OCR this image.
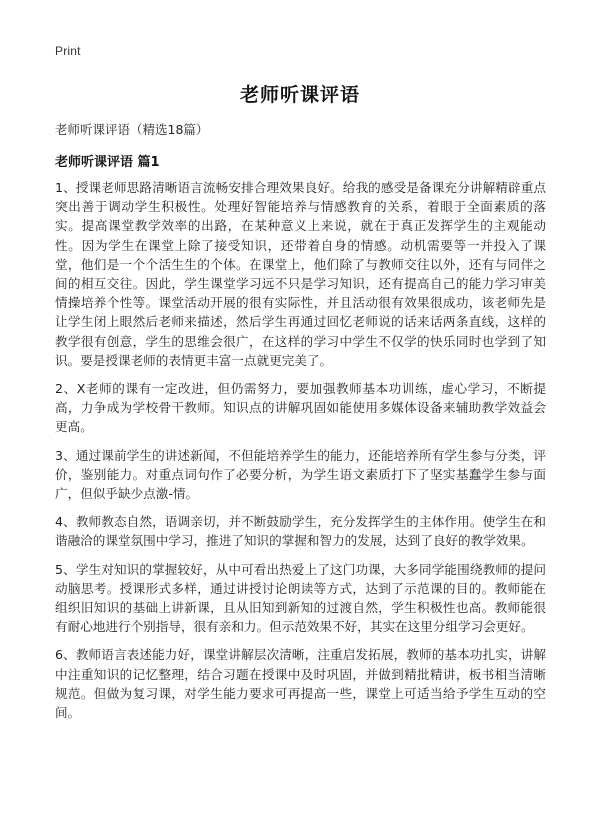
Print
老师听课评语
老师听课评语（精选18篇）
老师听课评语 篇1

1、授课老师思路清晰语言流畅安排合理效果良好。给我的感受是备课充分讲解精辟重点突出善于调动学生积极性。处理好智能培养与情感教育的关系，着眼于全面素质的落实。提高课堂教学效率的出路，在某种意义上来说，就在于真正发挥学生的主观能动性。因为学生在课堂上除了接受知识，还带着自身的情感。动机需要等一并投入了课堂，他们是一个个活生生的个体。在课堂上，他们除了与教师交往以外，还有与同伴之间的相互交往。因此，学生课堂学习远不只是学习知识，还有提高自己的能力学习审美情操培养个性等。课堂活动开展的很有实际性，并且活动很有效果很成功，该老师先是让学生闭上眼然后老师来描述，然后学生再通过回忆老师说的话来话两条直线，这样的教学很有创意，学生的思维会很广，在这样的学习中学生不仅学的快乐同时也学到了知识。要是授课老师的表情更丰富一点就更完美了。

2、X老师的课有一定改进，但仍需努力，要加强教师基本功训练，虚心学习，不断提高，力争成为学校骨干教师。知识点的讲解巩固如能使用多媒体设备来辅助教学效益会更高。

3、通过课前学生的讲述新闻，不但能培养学生的能力，还能培养所有学生参与分类，评价，鉴别能力。对重点词句作了必要分析，为学生语文素质打下了坚实基蠢学生参与面广，但似乎缺少点激-情。

4、教师教态自然，语调亲切，并不断鼓励学生，充分发挥学生的主体作用。使学生在和谐融洽的课堂氛围中学习，推进了知识的掌握和智力的发展，达到了良好的教学效果。

5、学生对知识的掌握较好，从中可看出热爱上了这门功课，大多同学能围绕教师的提问动脑思考。授课形式多样，通过讲授讨论朗读等方式，达到了示范课的目的。教师能在组织旧知识的基础上讲新课，且从旧知到新知的过渡自然，学生积极性也高。教师能很有耐心地进行个别指导，很有亲和力。但示范效果不好，其实在这里分组学习会更好。

6、教师语言表述能力好，课堂讲解层次清晰，注重启发拓展，教师的基本功扎实，讲解中注重知识的记忆整理，结合习题在授课中及时巩固，并做到精批精讲，板书相当清晰规范。但做为复习课，对学生能力要求可再提高一些，课堂上可适当给予学生互动的空间。
